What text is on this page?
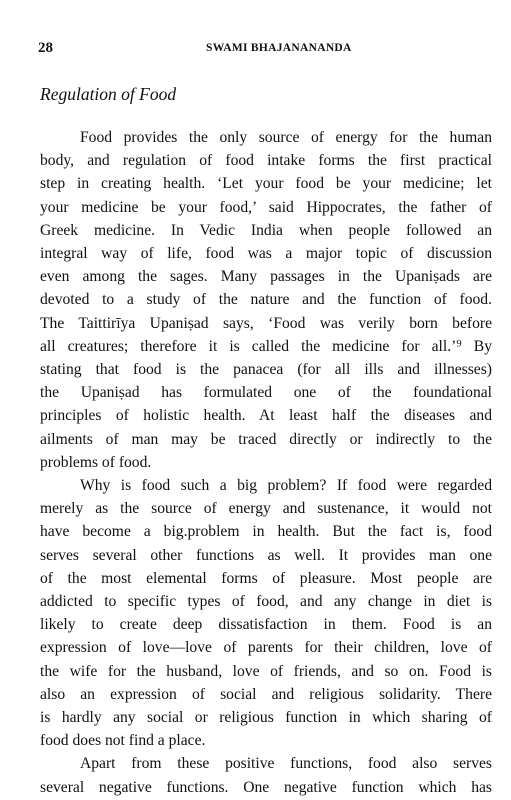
28	SWAMI BHAJANANANDA
Regulation of Food
Food provides the only source of energy for the human
body, and regulation of food intake forms the first practical
step in creating health. ‘Let your food be your medicine; let
your medicine be your food,’ said Hippocrates, the father of
Greek medicine. In Vedic India when people followed an
integral way of life, food was a major topic of discussion
even among the sages. Many passages in the Upaniṣads are
devoted to a study of the nature and the function of food.
The Taittirīya Upaniṣad says, ‘Food was verily born before
all creatures; therefore it is called the medicine for all.’⁹ By
stating that food is the panacea (for all ills and illnesses)
the Upaniṣad has formulated one of the foundational
principles of holistic health. At least half the diseases and
ailments of man may be traced directly or indirectly to the
problems of food.
Why is food such a big problem? If food were regarded
merely as the source of energy and sustenance, it would not
have become a big.problem in health. But the fact is, food
serves several other functions as well. It provides man one
of the most elemental forms of pleasure. Most people are
addicted to specific types of food, and any change in diet is
likely to create deep dissatisfaction in them. Food is an
expression of love—love of parents for their children, love of
the wife for the husband, love of friends, and so on. Food is
also an expression of social and religious solidarity. There
is hardly any social or religious function in which sharing of
food does not find a place.
Apart from these positive functions, food also serves
several negative functions. One negative function which has
